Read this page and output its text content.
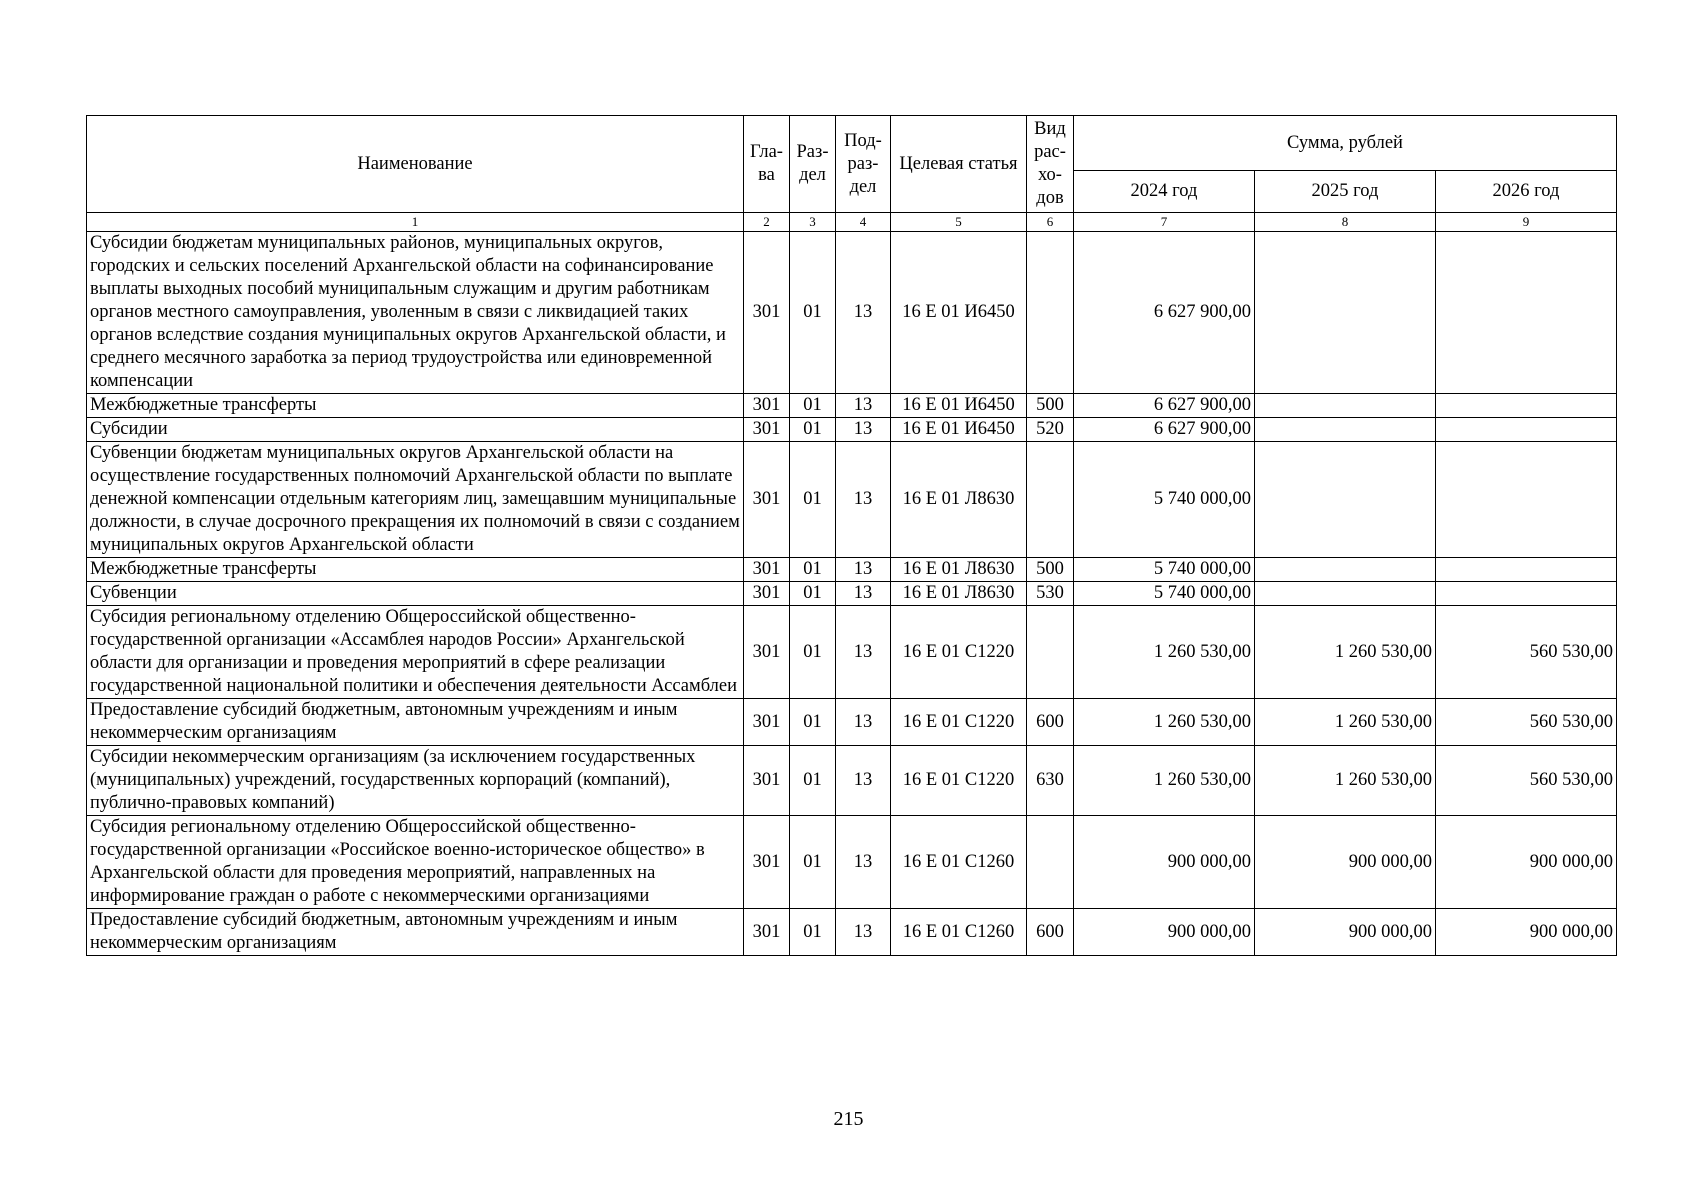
Наименование	Гла-ва	Раз-дел	Под-раз-дел	Целевая статья	Вид рас-хо-дов	Сумма, рублей		
						2024 год	2025 год	2026 год
1	2	3	4	5	6	7	8	9
Субсидии бюджетам муниципальных районов, муниципальных округов, городских и сельских поселений Архангельской области на софинансирование выплаты выходных пособий муниципальным служащим и другим работникам органов местного самоуправления, уволенным в связи с ликвидацией таких органов вследствие создания муниципальных округов Архангельской области, и среднего месячного заработка за период трудоустройства или единовременной компенсации	301	01	13	16 Е 01 И6450		6 627 900,00		
Межбюджетные трансферты	301	01	13	16 Е 01 И6450	500	6 627 900,00		
Субсидии	301	01	13	16 Е 01 И6450	520	6 627 900,00		
Субвенции бюджетам муниципальных округов Архангельской области на осуществление государственных полномочий Архангельской области по выплате денежной компенсации отдельным категориям лиц, замещавшим муниципальные должности, в случае досрочного прекращения их полномочий в связи с созданием муниципальных округов Архангельской области	301	01	13	16 Е 01 Л8630		5 740 000,00		
Межбюджетные трансферты	301	01	13	16 Е 01 Л8630	500	5 740 000,00		
Субвенции	301	01	13	16 Е 01 Л8630	530	5 740 000,00		
Субсидия региональному отделению Общероссийской общественно-государственной организации «Ассамблея народов России» Архангельской области для организации и проведения мероприятий в сфере реализации государственной национальной политики и обеспечения деятельности Ассамблеи	301	01	13	16 Е 01 С1220		1 260 530,00	1 260 530,00	560 530,00
Предоставление субсидий бюджетным, автономным учреждениям и иным некоммерческим организациям	301	01	13	16 Е 01 С1220	600	1 260 530,00	1 260 530,00	560 530,00
Субсидии некоммерческим организациям (за исключением государственных (муниципальных) учреждений, государственных корпораций (компаний), публично-правовых компаний)	301	01	13	16 Е 01 С1220	630	1 260 530,00	1 260 530,00	560 530,00
Субсидия региональному отделению Общероссийской общественно-государственной организации «Российское военно-историческое общество» в Архангельской области для проведения мероприятий, направленных на информирование граждан о работе с некоммерческими организациями	301	01	13	16 Е 01 С1260		900 000,00	900 000,00	900 000,00
Предоставление субсидий бюджетным, автономным учреждениям и иным некоммерческим организациям	301	01	13	16 Е 01 С1260	600	900 000,00	900 000,00	900 000,00
215
